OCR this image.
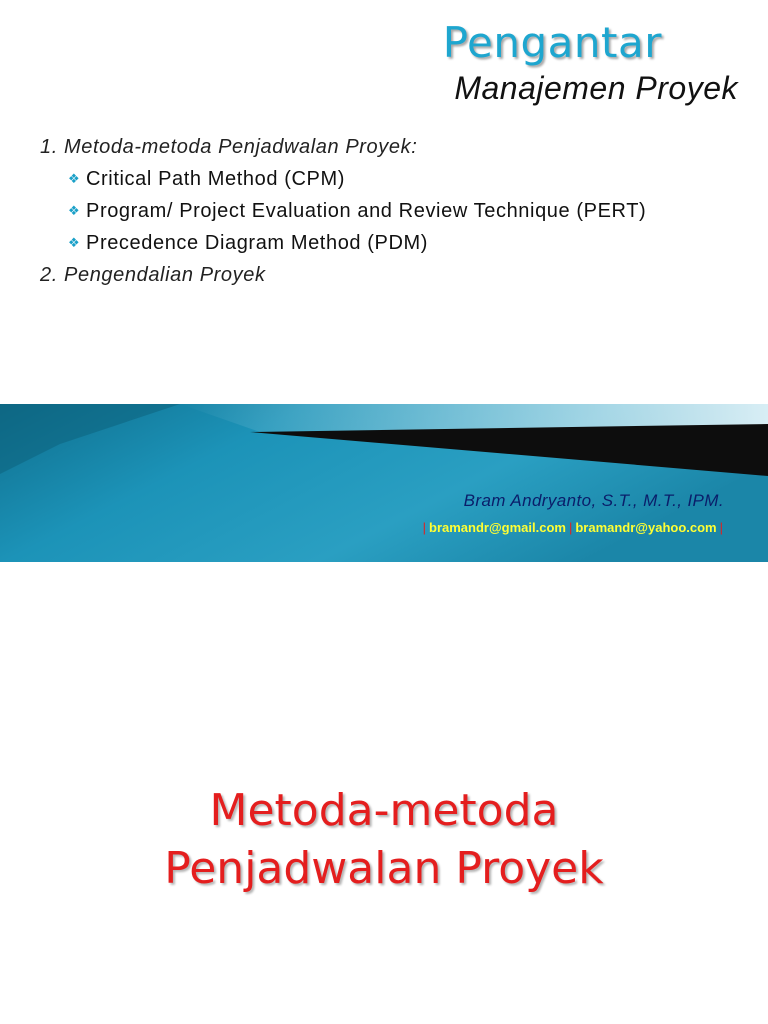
Pengantar
Manajemen Proyek
1. Metoda-metoda Penjadwalan Proyek:
❖ Critical Path Method (CPM)
❖ Program/ Project Evaluation and Review Technique (PERT)
❖ Precedence Diagram Method (PDM)
2. Pengendalian Proyek
Bram Andryanto, S.T., M.T., IPM.
| bramandr@gmail.com | bramandr@yahoo.com |
Metoda-metoda
Penjadwalan Proyek
